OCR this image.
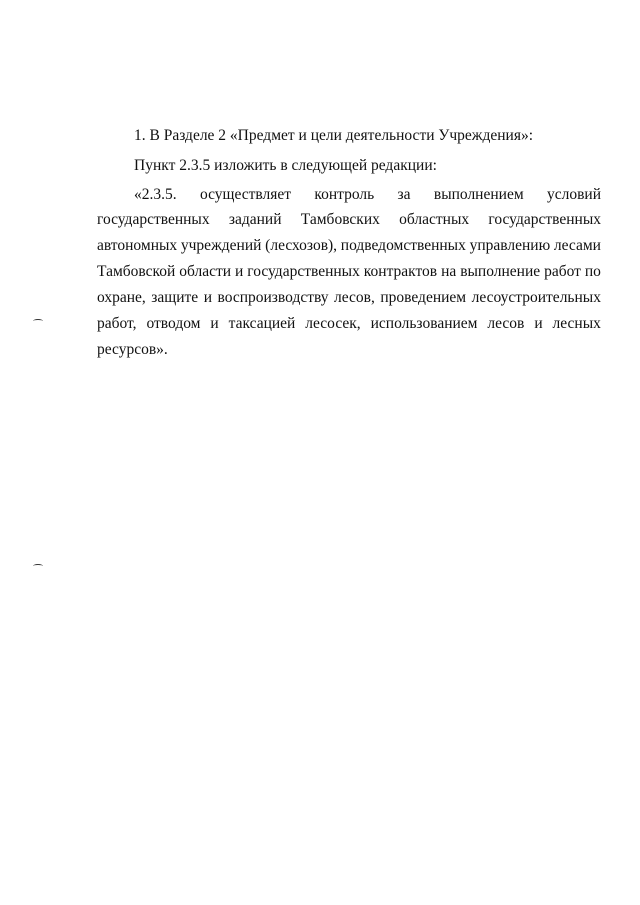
1. В Разделе 2 «Предмет и цели деятельности Учреждения»:
Пункт 2.3.5 изложить в следующей редакции:
«2.3.5. осуществляет контроль за выполнением условий
государственных заданий Тамбовских областных государственных
автономных учреждений (лесхозов), подведомственных управлению лесами
Тамбовской области и государственных контрактов на выполнение работ по
охране, защите и воспроизводству лесов, проведением лесоустроительных
работ, отводом и таксацией лесосек, использованием лесов и лесных
ресурсов».
